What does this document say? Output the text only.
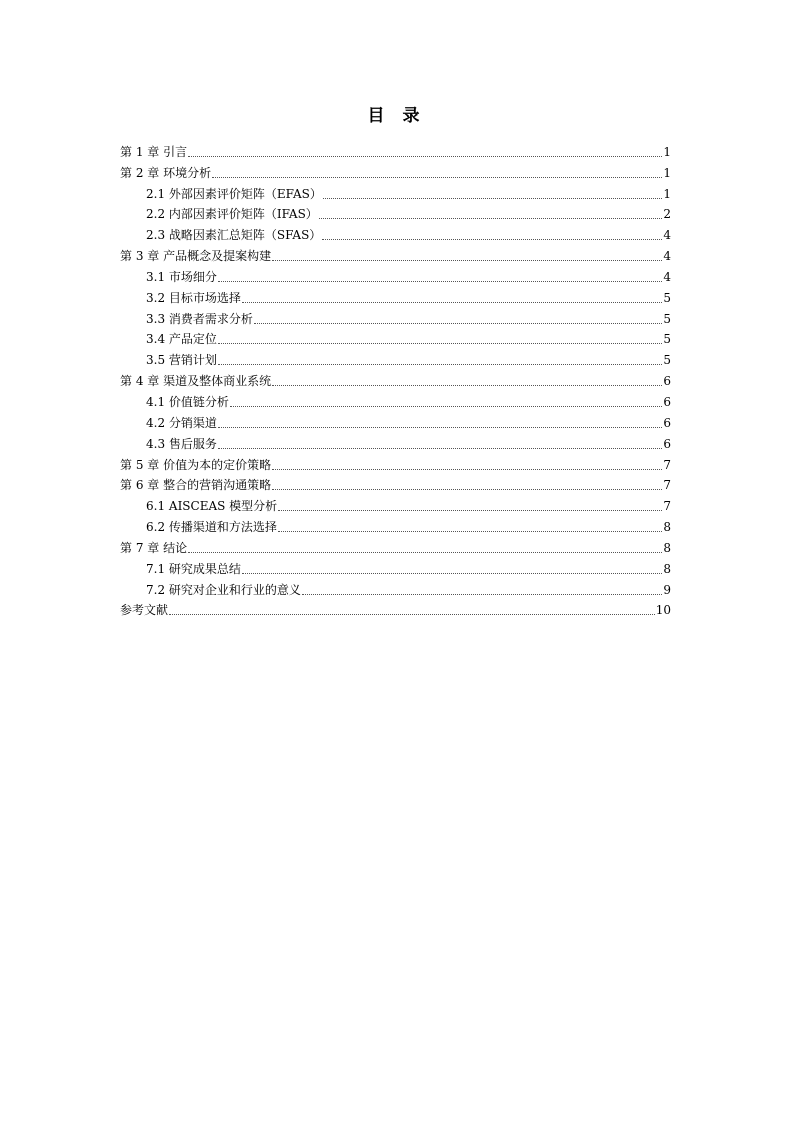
目 录
第 1 章 引言	1
第 2 章 环境分析	1
2.1 外部因素评价矩阵（EFAS）	1
2.2 内部因素评价矩阵（IFAS）	2
2.3 战略因素汇总矩阵（SFAS）	4
第 3 章 产品概念及提案构建	4
3.1 市场细分	4
3.2 目标市场选择	5
3.3 消费者需求分析	5
3.4 产品定位	5
3.5 营销计划	5
第 4 章 渠道及整体商业系统	6
4.1 价值链分析	6
4.2 分销渠道	6
4.3 售后服务	6
第 5 章 价值为本的定价策略	7
第 6 章 整合的营销沟通策略	7
6.1 AISCEAS 模型分析	7
6.2 传播渠道和方法选择	8
第 7 章 结论	8
7.1 研究成果总结	8
7.2 研究对企业和行业的意义	9
参考文献	10
